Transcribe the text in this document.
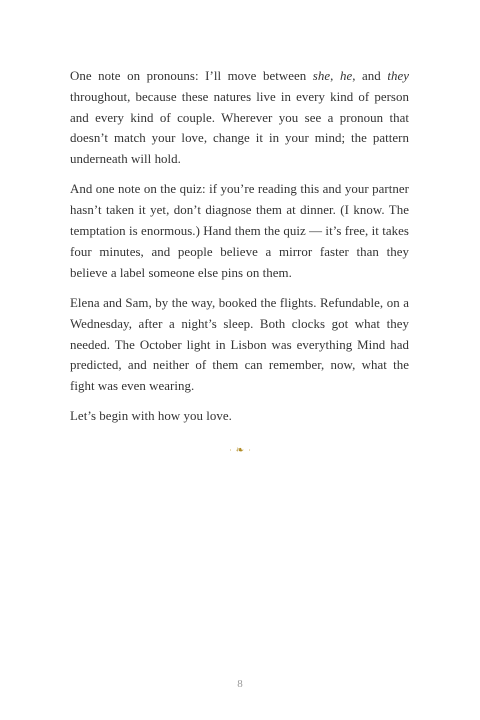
One note on pronouns: I’ll move between she, he, and they throughout, because these natures live in every kind of person and every kind of couple. Wherever you see a pronoun that doesn’t match your love, change it in your mind; the pattern underneath will hold.

And one note on the quiz: if you’re reading this and your partner hasn’t taken it yet, don’t diagnose them at dinner. (I know. The temptation is enormous.) Hand them the quiz — it’s free, it takes four minutes, and people believe a mirror faster than they believe a label someone else pins on them.

Elena and Sam, by the way, booked the flights. Refundable, on a Wednesday, after a night’s sleep. Both clocks got what they needed. The October light in Lisbon was everything Mind had predicted, and neither of them can remember, now, what the fight was even wearing.

Let’s begin with how you love.

· ❧ ·
8
